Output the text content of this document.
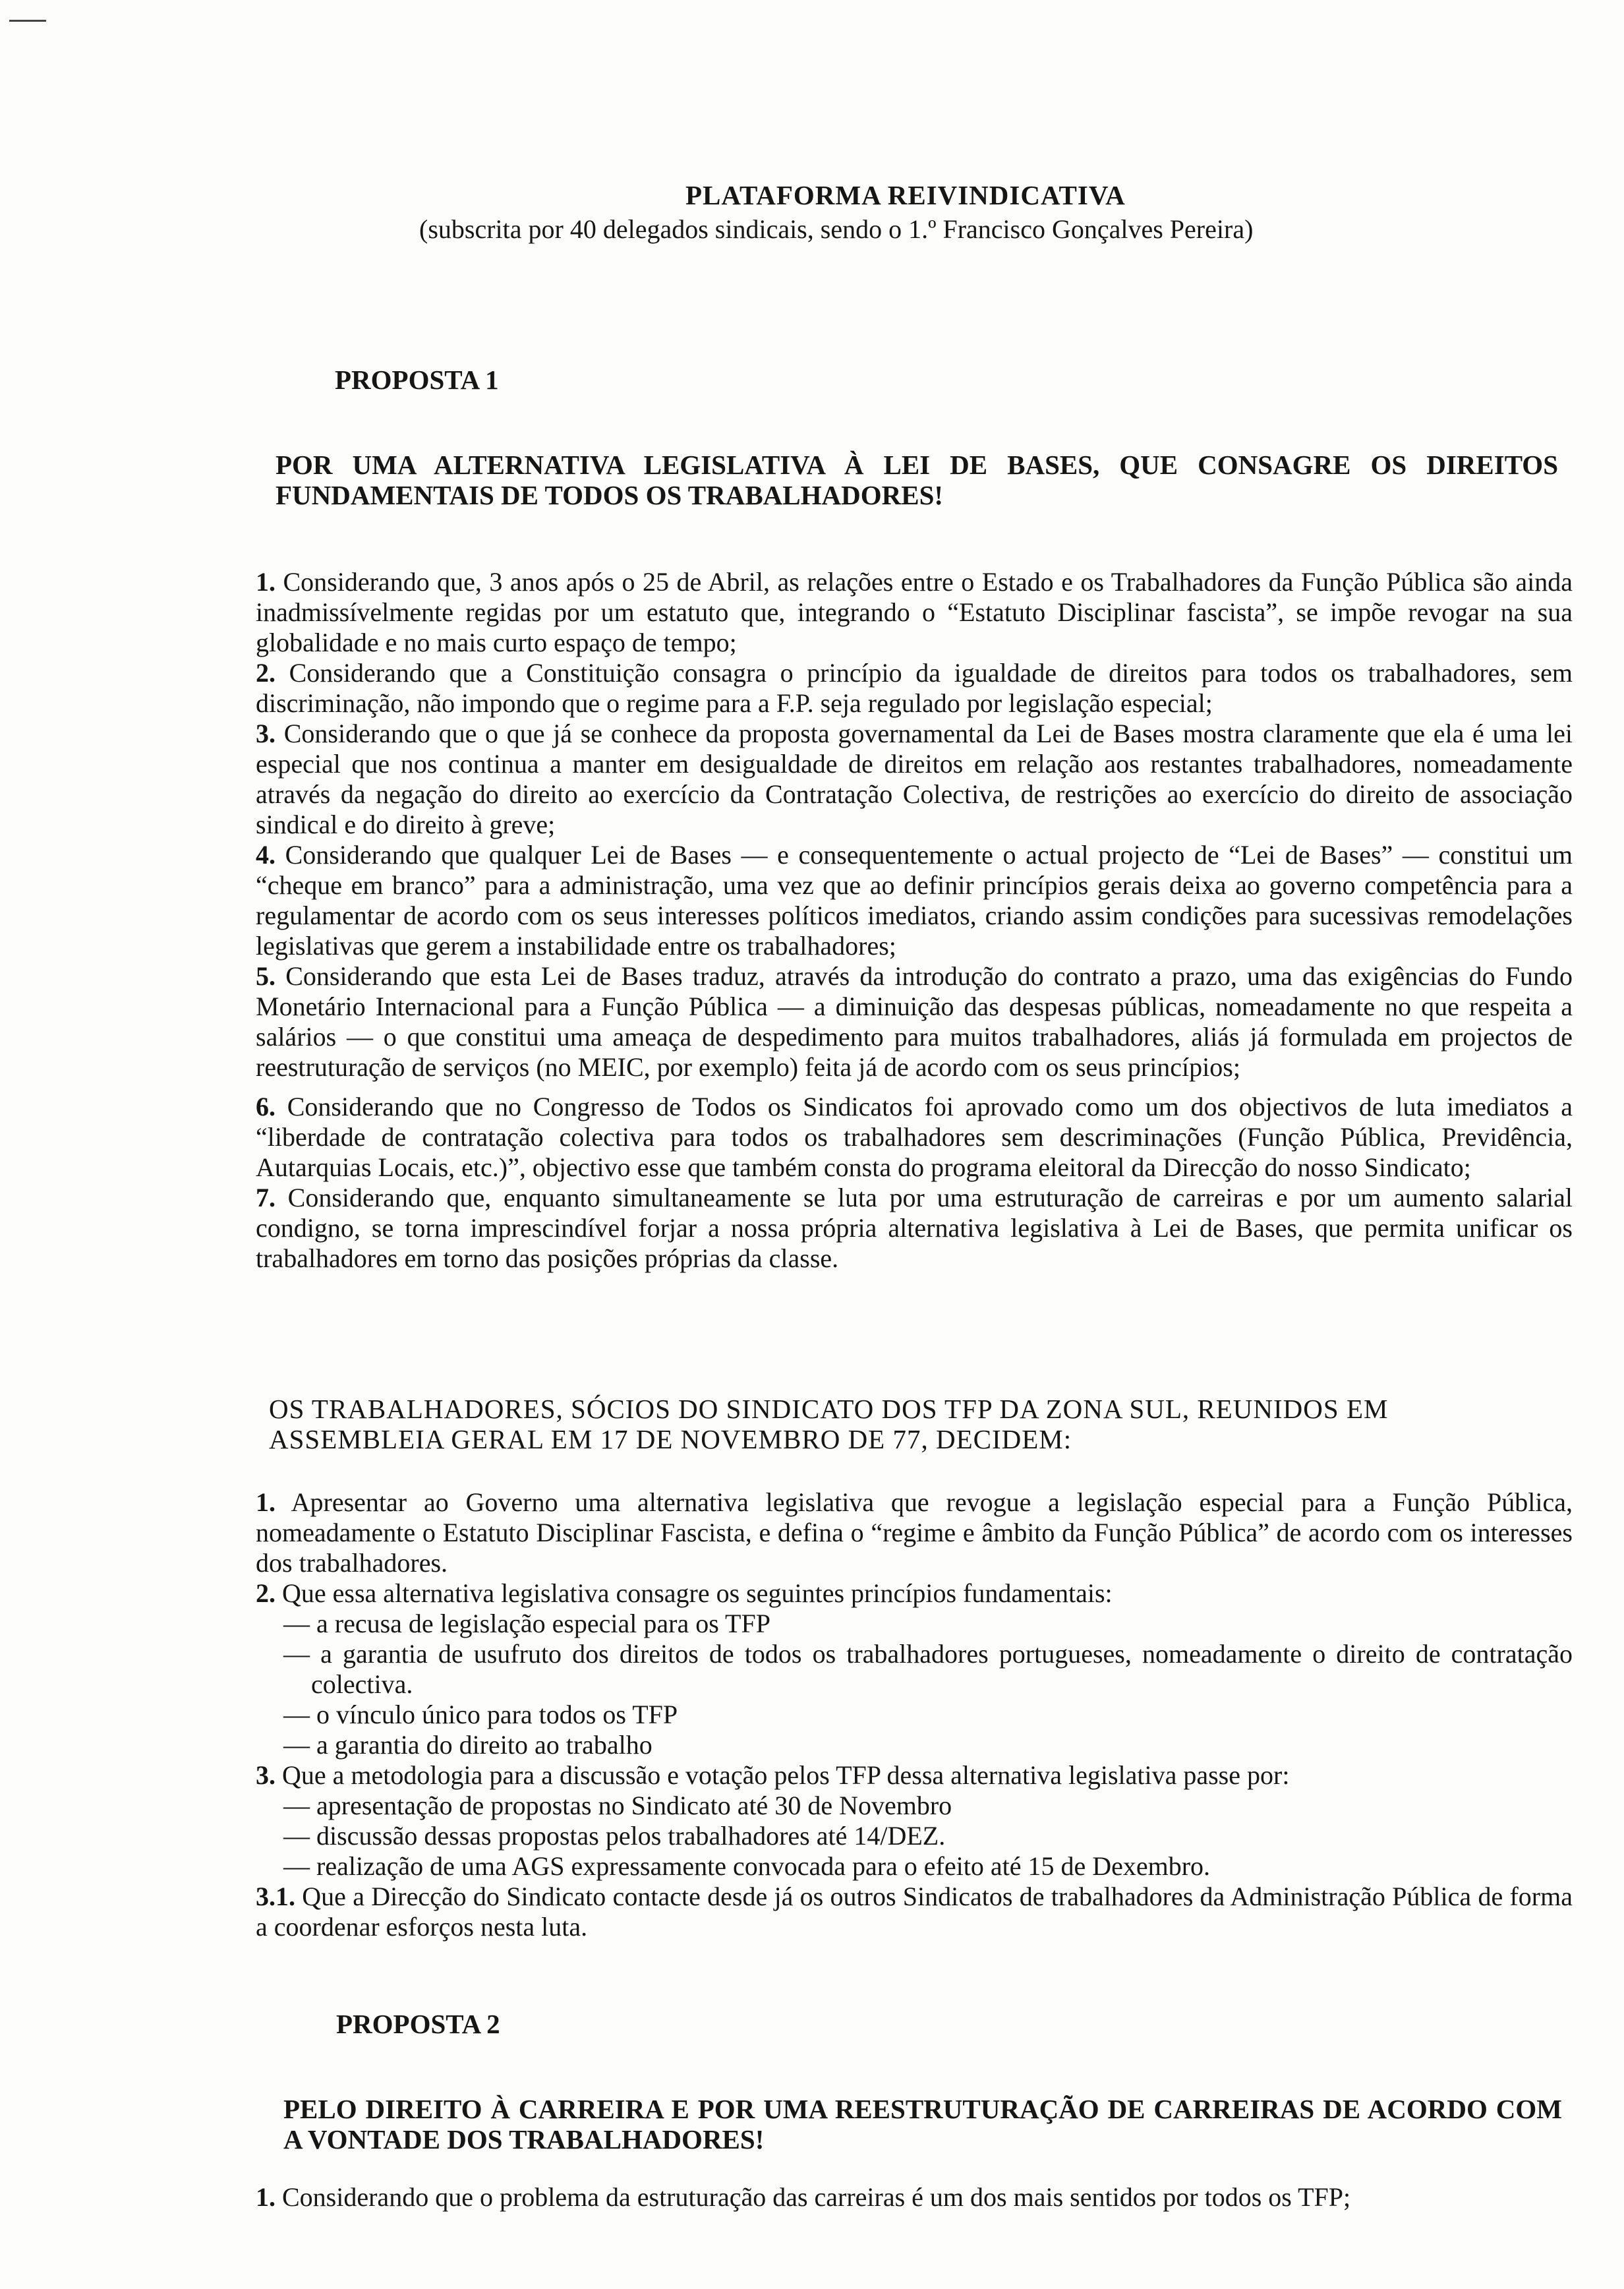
PLATAFORMA REIVINDICATIVA
(subscrita por 40 delegados sindicais, sendo o 1.º Francisco Gonçalves Pereira)
PROPOSTA 1
POR UMA ALTERNATIVA LEGISLATIVA À LEI DE BASES, QUE CONSAGRE OS DIREITOS FUNDAMENTAIS DE TODOS OS TRABALHADORES!

1. Considerando que, 3 anos após o 25 de Abril, as relações entre o Estado e os Trabalhadores da Função Pública são ainda inadmissívelmente regidas por um estatuto que, integrando o “Estatuto Disciplinar fascista”, se impõe revogar na sua globalidade e no mais curto espaço de tempo;

2. Considerando que a Constituição consagra o princípio da igualdade de direitos para todos os trabalhadores, sem discriminação, não impondo que o regime para a F.P. seja regulado por legislação especial;

3. Considerando que o que já se conhece da proposta governamental da Lei de Bases mostra claramente que ela é uma lei especial que nos continua a manter em desigualdade de direitos em relação aos restantes trabalhadores, nomeadamente através da negação do direito ao exercício da Contratação Colectiva, de restrições ao exercício do direito de associação sindical e do direito à greve;

4. Considerando que qualquer Lei de Bases — e consequentemente o actual projecto de “Lei de Bases” — constitui um “cheque em branco” para a administração, uma vez que ao definir princípios gerais deixa ao governo competência para a regulamentar de acordo com os seus interesses políticos imediatos, criando assim condições para sucessivas remodelações legislativas que gerem a instabilidade entre os trabalhadores;

5. Considerando que esta Lei de Bases traduz, através da introdução do contrato a prazo, uma das exigências do Fundo Monetário Internacional para a Função Pública — a diminuição das despesas públicas, nomeadamente no que respeita a salários — o que constitui uma ameaça de despedimento para muitos trabalhadores, aliás já formulada em projectos de reestruturação de serviços (no MEIC, por exemplo) feita já de acordo com os seus princípios;

6. Considerando que no Congresso de Todos os Sindicatos foi aprovado como um dos objectivos de luta imediatos a “liberdade de contratação colectiva para todos os trabalhadores sem descriminações (Função Pública, Previdência, Autarquias Locais, etc.)”, objectivo esse que também consta do programa eleitoral da Direcção do nosso Sindicato;

7. Considerando que, enquanto simultaneamente se luta por uma estruturação de carreiras e por um aumento salarial condigno, se torna imprescindível forjar a nossa própria alternativa legislativa à Lei de Bases, que permita unificar os trabalhadores em torno das posições próprias da classe.

OS TRABALHADORES, SÓCIOS DO SINDICATO DOS TFP DA ZONA SUL, REUNIDOS EM ASSEMBLEIA GERAL EM 17 DE NOVEMBRO DE 77, DECIDEM:

1. Apresentar ao Governo uma alternativa legislativa que revogue a legislação especial para a Função Pública, nomeadamente o Estatuto Disciplinar Fascista, e defina o “regime e âmbito da Função Pública” de acordo com os interesses dos trabalhadores.

2. Que essa alternativa legislativa consagre os seguintes princípios fundamentais:

— a recusa de legislação especial para os TFP
— a garantia de usufruto dos direitos de todos os trabalhadores portugueses, nomeadamente o direito de contratação colectiva.
— o vínculo único para todos os TFP
— a garantia do direito ao trabalho

3. Que a metodologia para a discussão e votação pelos TFP dessa alternativa legislativa passe por:

— apresentação de propostas no Sindicato até 30 de Novembro
— discussão dessas propostas pelos trabalhadores até 14/DEZ.
— realização de uma AGS expressamente convocada para o efeito até 15 de Dexembro.

3.1. Que a Direcção do Sindicato contacte desde já os outros Sindicatos de trabalhadores da Administração Pública de forma a coordenar esforços nesta luta.

PROPOSTA 2
PELO DIREITO À CARREIRA E POR UMA REESTRUTURAÇÃO DE CARREIRAS DE ACORDO COM A VONTADE DOS TRABALHADORES!

1. Considerando que o problema da estruturação das carreiras é um dos mais sentidos por todos os TFP;
